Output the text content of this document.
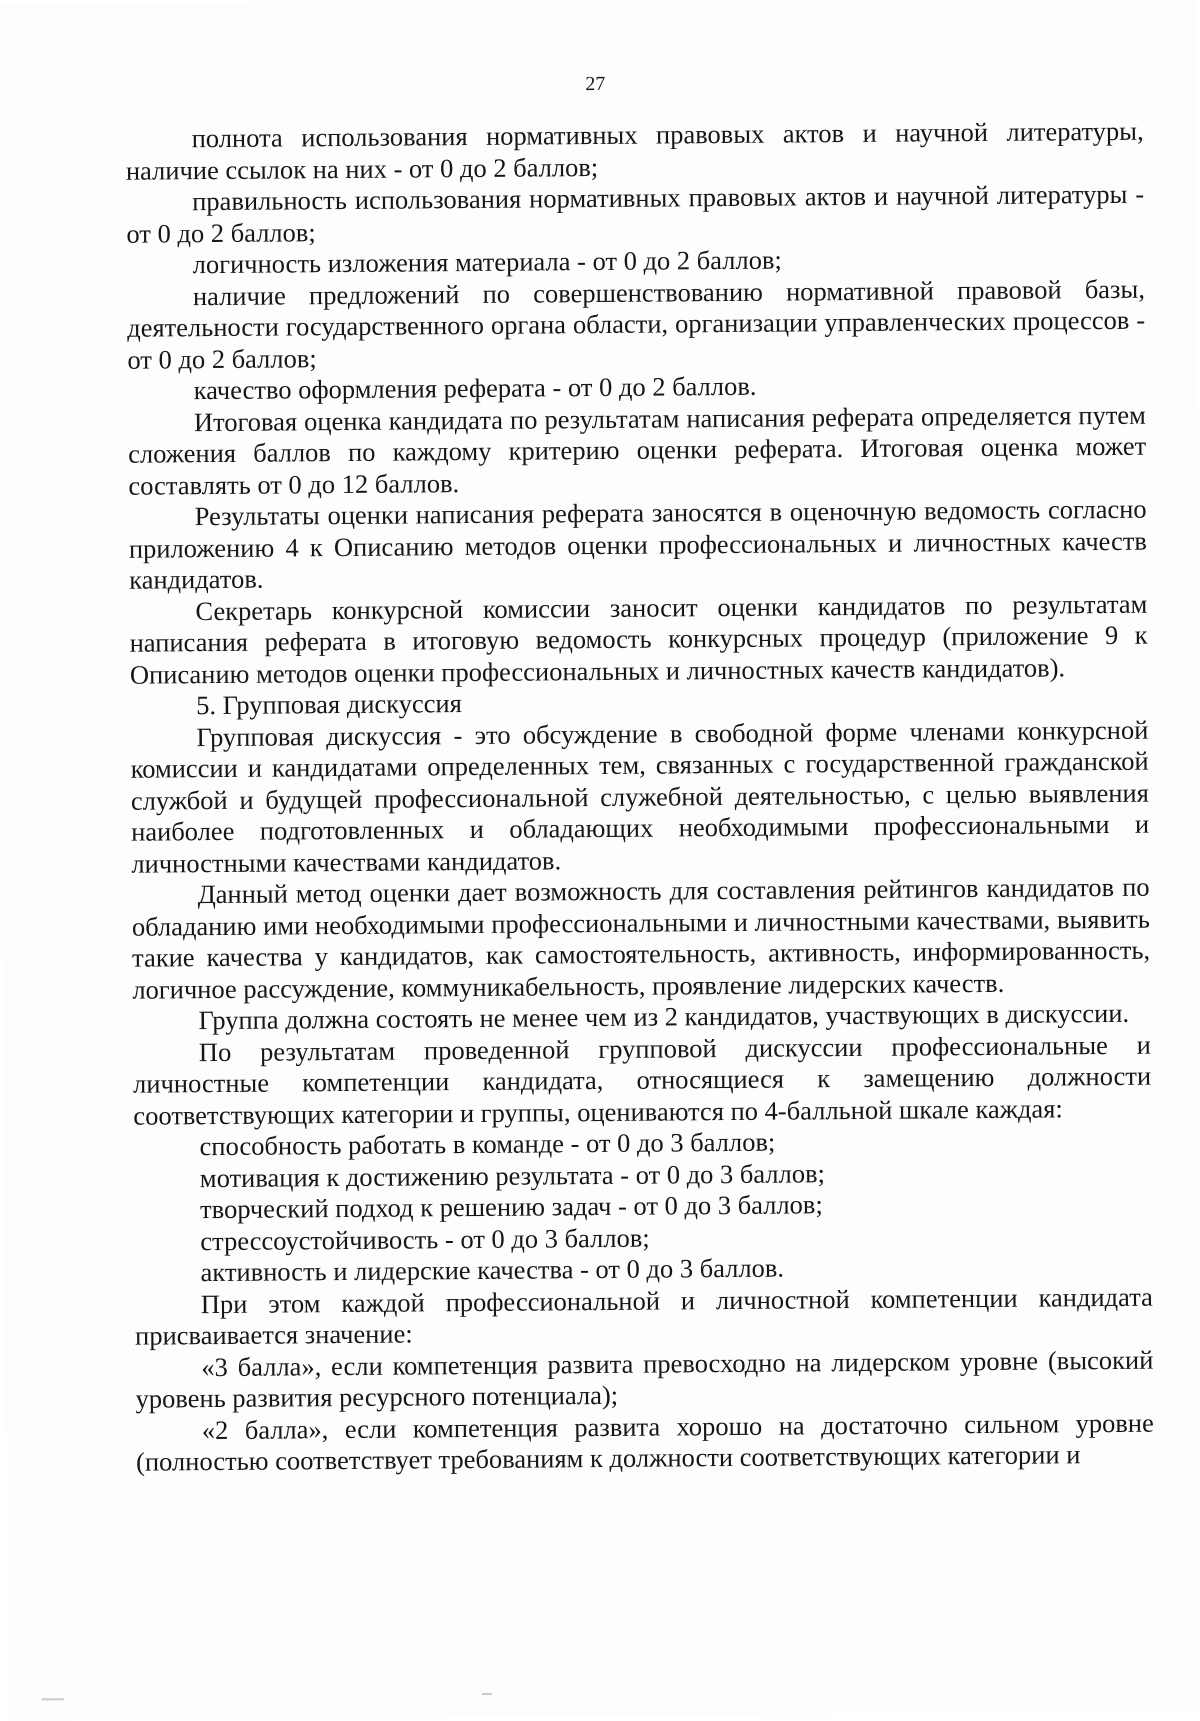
27

полнота использования нормативных правовых актов и научной литературы, наличие ссылок на них - от 0 до 2 баллов;

правильность использования нормативных правовых актов и научной литературы - от 0 до 2 баллов;

логичность изложения материала - от 0 до 2 баллов;

наличие предложений по совершенствованию нормативной правовой базы, деятельности государственного органа области, организации управленческих процессов - от 0 до 2 баллов;

качество оформления реферата - от 0 до 2 баллов.

Итоговая оценка кандидата по результатам написания реферата определяется путем сложения баллов по каждому критерию оценки реферата. Итоговая оценка может составлять от 0 до 12 баллов.

Результаты оценки написания реферата заносятся в оценочную ведомость согласно приложению 4 к Описанию методов оценки профессиональных и личностных качеств кандидатов.

Секретарь конкурсной комиссии заносит оценки кандидатов по результатам написания реферата в итоговую ведомость конкурсных процедур (приложение 9 к Описанию методов оценки профессиональных и личностных качеств кандидатов).

5. Групповая дискуссия

Групповая дискуссия - это обсуждение в свободной форме членами конкурсной комиссии и кандидатами определенных тем, связанных с государственной гражданской службой и будущей профессиональной служебной деятельностью, с целью выявления наиболее подготовленных и обладающих необходимыми профессиональными и личностными качествами кандидатов.

Данный метод оценки дает возможность для составления рейтингов кандидатов по обладанию ими необходимыми профессиональными и личностными качествами, выявить такие качества у кандидатов, как самостоятельность, активность, информированность, логичное рассуждение, коммуникабельность, проявление лидерских качеств.

Группа должна состоять не менее чем из 2 кандидатов, участвующих в дискуссии.

По результатам проведенной групповой дискуссии профессиональные и личностные компетенции кандидата, относящиеся к замещению должности соответствующих категории и группы, оцениваются по 4-балльной шкале каждая:

способность работать в команде - от 0 до 3 баллов;

мотивация к достижению результата - от 0 до 3 баллов;

творческий подход к решению задач - от 0 до 3 баллов;

стрессоустойчивость - от 0 до 3 баллов;

активность и лидерские качества - от 0 до 3 баллов.

При этом каждой профессиональной и личностной компетенции кандидата присваивается значение:

«3 балла», если компетенция развита превосходно на лидерском уровне (высокий уровень развития ресурсного потенциала);

«2 балла», если компетенция развита хорошо на достаточно сильном уровне (полностью соответствует требованиям к должности соответствующих категории и
